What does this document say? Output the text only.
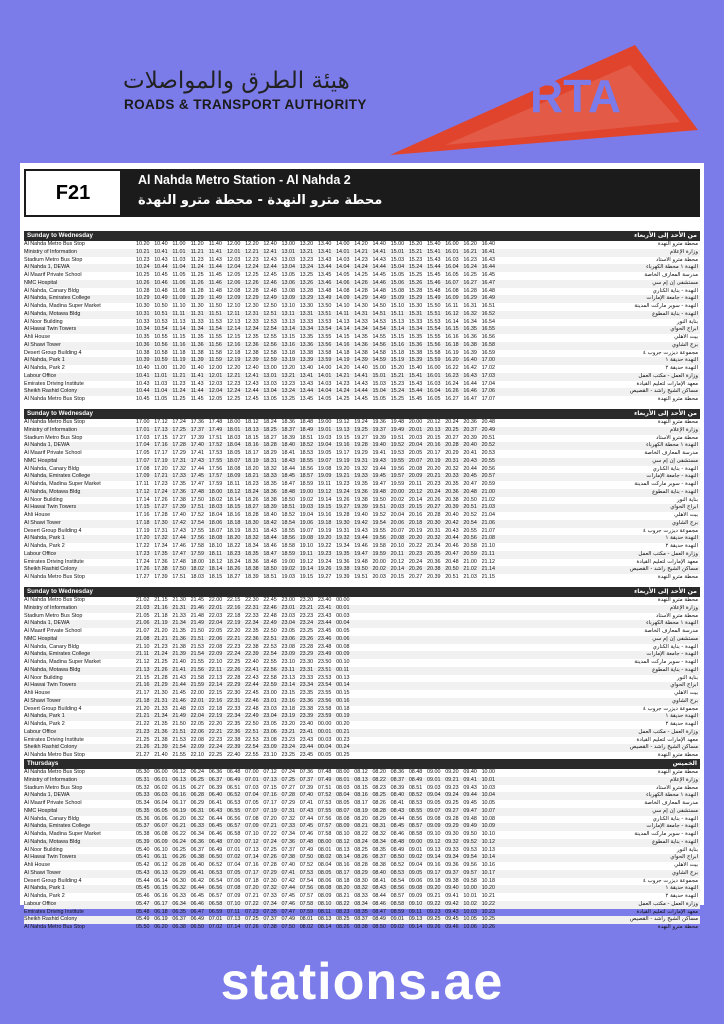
هيئة الطرق والمواصلات
ROADS & TRANSPORT AUTHORITY	RTA
F21
Al Nahda Metro Station - Al Nahda 2
محطة مترو النهدة - محطة مترو النهدة
Sunday to Wednesday	من الأحد إلى الأربعاء
Al Nahda Metro Bus Stop	10.20 10.40 11.00 11.20 11.40 12.00 12.20 12.40 13.00 13.20 13.40 14.00 14.20 14.40 15.00 15.20 15.40 16.00 16.20 16.40	محطة مترو النهدة
Ministry of Information	10.21 10.41 11.01 11.21 11.41 12.01 12.21 12.41 13.01 13.21 13.41 14.01 14.21 14.41 15.01 15.21 15.41 16.01 16.21 16.41	وزارة الإعلام
Stadium Metro Bus Stop	10.23 10.43 11.03 11.23 11.43 12.03 12.23 12.43 13.03 13.23 13.43 14.03 14.23 14.43 15.03 15.23 15.43 16.03 16.23 16.43	محطة مترو الاستاد
Al Nahda 1, DEWA	10.24 10.44 11.04 11.24 11.44 12.04 12.24 12.44 13.04 13.24 13.44 14.04 14.24 14.44 15.04 15.24 15.44 16.04 16.24 16.44	النهدة ١ محطة الكهرباء
Al Maarif Private School	10.25 10.45 11.05 11.25 11.45 12.05 12.25 12.45 13.05 13.25 13.45 14.05 14.25 14.45 15.05 15.25 15.45 16.05 16.25 16.45	مدرسة المعارف الخاصة
NMC Hospital	10.26 10.46 11.06 11.26 11.46 12.06 12.26 12.46 13.06 13.26 13.46 14.06 14.26 14.46 15.06 15.26 15.46 16.07 16.27 16.47	مستشفى إن إم سي
Al Nahda, Canary Bldg	10.28 10.48 11.08 11.28 11.48 12.08 12.28 12.48 13.08 13.28 13.48 14.08 14.28 14.48 15.08 15.28 15.48 16.08 16.28 16.48	النهدة - بناية الكناري
Al Nahda, Emirates College	10.29 10.49 11.09 11.29 11.49 12.09 12.29 12.49 13.09 13.29 13.49 14.09 14.29 14.49 15.09 15.29 15.49 16.09 16.29 16.49	النهدة - جامعة الإمارات
Al Nahda, Madina Super Market	10.30 10.50 11.10 11.30 11.50 12.10 12.30 12.50 13.10 13.30 13.50 14.10 14.30 14.50 15.10 15.30 15.50 16.11 16.31 16.51	النهدة - سوبر ماركت المدينة
Al Nahda, Motawa Bldg	10.31 10.51 11.11	11.31 11.51 12.11 12.31 12.51 13.11 13.31 13.51 14.11 14.31 14.51 15.11 15.31 15.51 16.12 16.32 16.52	النهدة - بناية المطوع
Al Noor Building	10.33 10.53 11.13 11.33 11.53 12.13 12.33 12.53 13.13 13.33 13.53 14.13 14.33 14.53 15.13 15.33 15.53 16.14 16.34 16.54	بناية النور
Al Hawai Twin Towers	10.34 10.54 11.14 11.34 11.54 12.14 12.34 12.54 13.14 13.34 13.54 14.14 14.34 14.54 15.14 15.34 15.54 16.15 16.35 16.55	أبراج الحواي
Ahli House	10.35 10.55 11.15 11.35 11.55 12.15 12.35 12.55 13.15 13.35 13.55 14.15 14.35 14.55 15.15 15.35 15.55 16.16 16.36 16.56	بيت الأهلي
Al Shawi Tower	10.36 10.56 11.16 11.36 11.56 12.16 12.36 12.56 13.16 13.36 13.56 14.16 14.36 14.56 15.16 15.36 15.56 16.18 16.38 16.58	برج الشاوي
Desert Group Building 4	10.38 10.58 11.18 11.38 11.58 12.18 12.38 12.58 13.18 13.38 13.58 14.18 14.38 14.58 15.18 15.38 15.58 16.19 16.39 16.59	مجموعة ديزرت جروب ٤
Al Nahda, Park 1	10.39 10.59 11.19 11.39 11.59 12.19 12.39 12.59 13.19 13.39 13.59 14.19 14.39 14.59 15.19 15.39 15.59 16.20 16.40 17.00	النهدة حديقة ١
Al Nahda, Park 2	10.40 11.00 11.20 11.40 12.00 12.20 12.40 13.00 13.20 13.40 14.00 14.20 14.40 15.00 15.20 15.40 16.00 16.22 16.42 17.02	النهدة حديقة ٢
Labour Office	10.41 11.01 11.21 11.41 12.01 12.21 12.41 13.01 13.21 13.41 14.01 14.21 14.41 15.01 15.21 15.41 16.01 16.23 16.43 17.03	وزارة العمل - مكتب العمل
Emirates Driving Institute	10.43 11.03 11.23 11.43 12.03 12.23 12.43 13.03 13.23 13.43 14.03 14.23 14.43 15.03 15.23 15.43 16.03 16.24 16.44 17.04	معهد الإمارات لتعليم القيادة
Sheikh Rashid Colony	10.44 11.04 11.24 11.44 12.04 12.24 12.44 13.04 13.24 13.44 14.04 14.24 14.44 15.04 15.24 15.44 16.04 16.26 16.46 17.06	مساكن الشيخ راشد - القصيص
Al Nahda Metro Bus Stop	10.45 11.05 11.25 11.45 12.05 12.25 12.45 13.05 13.25 13.45 14.05 14.25 14.45 15.05 15.25 15.45 16.05 16.27 16.47 17.07	محطة مترو النهدة
Sunday to Wednesday	من الأحد إلى الأربعاء
Al Nahda Metro Bus Stop	17.00 17.12 17.24 17.36 17.48 18.00 18.12 18.24 18.36 18.48 19.00 19.12 19.24 19.36 19.48 20.00 20.12 20.24 20.36 20.48	محطة مترو النهدة
Ministry of Information	17.01 17.13 17.25 17.37 17.49 18.01 18.13 18.25 18.37 18.49 19.01 19.13 19.25 19.37 19.49 20.01 20.13 20.25 20.37 20.49	وزارة الإعلام
Stadium Metro Bus Stop	17.03 17.15 17.27 17.39 17.51 18.03 18.15 18.27 18.39 18.51 19.03 19.15 19.27 19.39 19.51 20.03 20.15 20.27 20.39 20.51	محطة مترو الاستاد
Al Nahda 1, DEWA	17.04 17.16 17.28 17.40 17.52 18.04 18.16 18.28 18.40 18.52 19.04 19.16 19.28 19.40 19.52 20.04 20.16 20.28 20.40 20.52	النهدة ١ محطة الكهرباء
Al Maarif Private School	17.05 17.17 17.29 17.41 17.53 18.05 18.17 18.29 18.41 18.53 19.05 19.17 19.29 19.41 19.53 20.05 20.17 20.29 20.41 20.53	مدرسة المعارف الخاصة
NMC Hospital	17.07 17.19 17.31 17.43 17.55 18.07 18.19 18.31 18.43 18.55 19.07 19.19 19.31 19.43 19.55 20.07 20.19 20.31 20.43 20.55	مستشفى إن إم سي
Al Nahda, Canary Bldg	17.08 17.20 17.32 17.44 17.56 18.08 18.20 18.32 18.44 18.56 19.08 19.20 19.32 19.44 19.56 20.08 20.20 20.32 20.44 20.56	النهدة - بناية الكناري
Al Nahda, Emirates College	17.09 17.21 17.33 17.45 17.57 18.09 18.21 18.33 18.45 18.57 19.09 19.21 19.33 19.45 19.57 20.09 20.21 20.33 20.45 20.57	النهدة - جامعة الإمارات
Al Nahda, Madina Super Market	17.11 17.23 17.35 17.47 17.59 18.11 18.23 18.35 18.47 18.59 19.11 19.23 19.35 19.47 19.59 20.11 20.23 20.35 20.47 20.59	النهدة - سوبر ماركت المدينة
Al Nahda, Motawa Bldg	17.12 17.24 17.36 17.48 18.00 18.12 18.24 18.36 18.48 19.00 19.12 19.24 19.36 19.48 20.00 20.12 20.24 20.36 20.48 21.00	النهدة - بناية المطوع
Al Noor Building	17.14 17.26 17.38 17.50 18.02 18.14 18.26 18.38 18.50 19.02 19.14 19.26 19.38 19.50 20.02 20.14 20.26 20.38 20.50 21.02	بناية النور
Al Hawai Twin Towers	17.15 17.27 17.39 17.51 18.03 18.15 18.27 18.39 18.51 19.03 19.15 19.27 19.39 19.51 20.03 20.15 20.27 20.39 20.51 21.03	أبراج الحواي
Ahli House	17.16 17.28 17.40 17.52 18.04 18.16 18.28 18.40 18.52 19.04 19.16 19.28 19.40 19.52 20.04 20.16 20.28 20.40 20.52 21.04	بيت الأهلي
Al Shawi Tower	17.18 17.30 17.42 17.54 18.06 18.18 18.30 18.42 18.54 19.06 19.18 19.30 19.42 19.54 20.06 20.18 20.30 20.42 20.54 21.06	برج الشاوي
Desert Group Building 4	17.19 17.31 17.43 17.55 18.07 18.19 18.31 18.43 18.55 19.07 19.19 19.31 19.43 19.55 20.07 20.19 20.31 20.43 20.55 21.07	مجموعة ديزرت جروب ٤
Al Nahda, Park 1	17.20 17.32 17.44 17.56 18.08 18.20 18.32 18.44 18.56 19.08 19.20 19.32 19.44 19.56 20.08 20.20 20.32 20.44 20.56 21.08	النهدة حديقة ١
Al Nahda, Park 2	17.22 17.34 17.46 17.58 18.10 18.22 18.34 18.46 18.58 19.10 19.22 19.34 19.46 19.58 20.10 20.22 20.34 20.46 20.58 21.10	النهدة حديقة ٢
Labour Office	17.23 17.35 17.47 17.59 18.11 18.23 18.35 18.47 18.59 19.11 19.23 19.35 19.47 19.59 20.11 20.23 20.35 20.47 20.59 21.11	وزارة العمل - مكتب العمل
Emirates Driving Institute	17.24 17.36 17.48 18.00 18.12 18.24 18.36 18.48 19.00 19.12 19.24 19.36 19.48 20.00 20.12 20.24 20.36 20.48 21.00 21.12	معهد الإمارات لتعليم القيادة
Sheikh Rashid Colony	17.26 17.38 17.50 18.02 18.14 18.26 18.38 18.50 19.02 19.14 19.26 19.38 19.50 20.02 20.14 20.26 20.38 20.50 21.02 21.14	مساكن الشيخ راشد - القصيص
Al Nahda Metro Bus Stop	17.27 17.39 17.51 18.03 18.15 18.27 18.39 18.51 19.03 19.15 19.27 19.39 19.51 20.03 20.15 20.27 20.39 20.51 21.03 21.15	محطة مترو النهدة
Sunday to Wednesday	من الأحد إلى الأربعاء
Al Nahda Metro Bus Stop	21.02 21.15 21.30 21.45 22.00 22.15 22.30 22.45 23.00 23.20 23.40 00.00	محطة مترو النهدة
Ministry of Information	21.03 21.16 21.31 21.46 22.01 22.16 22.31 22.46 23.01 23.21 23.41 00.01	وزارة الإعلام
Stadium Metro Bus Stop	21.05 21.18 21.33 21.48 22.03 22.18 22.33 22.48 23.03 23.23 23.43 00.03	محطة مترو الاستاد
Al Nahda 1, DEWA	21.06 21.19 21.34 21.49 22.04 22.19 22.34 22.49 23.04 23.24 23.44 00.04	النهدة ١ محطة الكهرباء
Al Maarif Private School	21.07 21.20 21.35 21.50 22.05 22.20 22.35 22.50 23.05 23.25 23.45 00.05	مدرسة المعارف الخاصة
NMC Hospital	21.08 21.21 21.36 21.51 22.06 22.21 22.36 22.51 23.06 23.26 23.46 00.06	مستشفى إن إم سي
Al Nahda, Canary Bldg	21.10 21.23 21.38 21.53 22.08 22.23 22.38 22.53 23.08 23.28 23.48 00.08	النهدة - بناية الكناري
Al Nahda, Emirates College	21.11 21.24 21.39 21.54 22.09 22.24 22.39 22.54 23.09 23.29 23.49 00.09	النهدة - جامعة الإمارات
Al Nahda, Madina Super Market	21.12 21.25 21.40 21.55 22.10 22.25 22.40 22.55 23.10 23.30 23.50 00.10	النهدة - سوبر ماركت المدينة
Al Nahda, Motawa Bldg	21.13 21.26 21.41 21.56 22.11 22.26 22.41 22.56 23.11 23.31 23.51 00.11	النهدة - بناية المطوع
Al Noor Building	21.15 21.28 21.43 21.58 22.13 22.28 22.43 22.58 23.13 23.33 23.53 00.13	بناية النور
Al Hawai Twin Towers	21.16 21.29 21.44 21.59 22.14 22.29 22.44 22.59 23.14 23.34 23.54 00.14	أبراج الحواي
Ahli House	21.17 21.30 21.45 22.00 22.15 22.30 22.45 23.00 23.15 23.35 23.55 00.15	بيت الأهلي
Al Shawi Tower	21.18 21.31 21.46 22.01 22.16 22.31 22.46 23.01 23.16 23.36 23.56 00.16	برج الشاوي
Desert Group Building 4	21.20 21.33 21.48 22.03 22.18 22.33 22.48 23.03 23.18 23.38 23.58 00.18	مجموعة ديزرت جروب ٤
Al Nahda, Park 1	21.21 21.34 21.49 22.04 22.19 22.34 22.49 23.04 23.19 23.39 23.59 00.19	النهدة حديقة ١
Al Nahda, Park 2	21.22 21.35 21.50 22.05 22.20 22.35 22.50 23.05 23.20 23.40 00.00 00.20	النهدة حديقة ٢
Labour Office	21.23 21.36 21.51 22.06 22.21 22.36 22.51 23.06 23.21 23.41 00.01 00.21	وزارة العمل - مكتب العمل
Emirates Driving Institute	21.25 21.38 21.53 22.08 22.23 22.38 22.53 23.08 23.23 23.43 00.03 00.23	معهد الإمارات لتعليم القيادة
Sheikh Rashid Colony	21.26 21.39 21.54 22.09 22.24 22.39 22.54 23.09 23.24 23.44 00.04 00.24	مساكن الشيخ راشد - القصيص
Al Nahda Metro Bus Stop	21.27 21.40 21.55 22.10 22.25 22.40 22.55 23.10 23.25 23.45 00.05 00.25	محطة مترو النهدة
Thursdays	الخميس
Al Nahda Metro Bus Stop	05.30 06.00 06.12 06.24 06.36 06.48 07.00 07.12 07.24 07.36 07.48 08.00 08.12 08.20 08.36 08.48 09.00 09.20 09.40 10.00	محطة مترو النهدة
Ministry of Information	05.31 06.01 06.13 06.25 06.37 06.49 07.01 07.13 07.25 07.37 07.49 08.01 08.13 08.22 08.37 08.49 09.01 09.21 09.41 10.01	وزارة الإعلام
Stadium Metro Bus Stop	05.32 06.02 06.15 06.27 06.39 06.51 07.03 07.15 07.27 07.39 07.51 08.03 08.15 08.23 08.39 08.51 09.03 09.23 09.43 10.03	محطة مترو الاستاد
Al Nahda 1, DEWA	05.33 06.03 06.16 06.28 06.40 06.52 07.04 07.16 07.28 07.40 07.52 08.04 08.16 08.25 08.40 08.52 09.04 09.24 09.44 10.04	النهدة ١ محطة الكهرباء
Al Maarif Private School	05.34 06.04 06.17 06.29 06.41 06.53 07.05 07.17 07.29 07.41 07.53 08.05 08.17 08.26 08.41 08.53 09.05 09.25 09.45 10.05	مدرسة المعارف الخاصة
NMC Hospital	05.35 06.05 06.19 06.31 06.43 06.55 07.07 07.19 07.31 07.43 07.55 08.07 08.19 08.28 08.43 08.55 09.07 09.27 09.47 10.07	مستشفى إن إم سي
Al Nahda, Canary Bldg	05.36 06.06 06.20 06.32 06.44 06.56 07.08 07.20 07.32 07.44 07.56 08.08 08.20 08.29 08.44 08.56 09.08 09.28 09.48 10.08	النهدة - بناية الكناري
Al Nahda, Emirates College	05.37 06.07 06.21 06.33 06.45 06.57 07.09 07.21 07.33 07.45 07.57 08.09 08.21 08.31 08.45 08.57 09.09 09.29 09.49 10.09	النهدة - جامعة الإمارات
Al Nahda, Madina Super Market	05.38 06.08 06.22 06.34 06.46 06.58 07.10 07.22 07.34 07.46 07.58 08.10 08.22 08.32 08.46 08.58 09.10 09.30 09.50 10.10	النهدة - سوبر ماركت المدينة
Al Nahda, Motawa Bldg	05.39 06.09 06.24 06.36 06.48 07.00 07.12 07.24 07.36 07.48 08.00 08.12 08.24 08.34 08.48 09.00 09.12 09.32 09.52 10.12	النهدة - بناية المطوع
Al Noor Building	05.40 06.10 06.25 06.37 06.49 07.01 07.13 07.25 07.37 07.49 08.01 08.13 08.25 08.35 08.49 09.01 09.13 09.33 09.53 10.13	بناية النور
Al Hawai Twin Towers	05.41 06.11 06.26 06.38 06.50 07.02 07.14 07.26 07.38 07.50 08.02 08.14 08.26 08.37 08.50 09.02 09.14 09.34 09.54 10.14	أبراج الحواي
Ahli House	05.42 06.12 06.28 06.40 06.52 07.04 07.16 07.28 07.40 07.52 08.04 08.16 08.28 08.38 08.52 09.04 09.16 09.36 09.56 10.16	بيت الأهلي
Al Shawi Tower	05.43 06.13 06.29 06.41 06.53 07.05 07.17 07.29 07.41 07.53 08.05 08.17 08.29 08.40 08.53 09.05 09.17 09.37 09.57 10.17	برج الشاوي
Desert Group Building 4	05.44 06.14 06.30 06.42 06.54 07.06 07.18 07.30 07.42 07.54 08.06 08.18 08.30 08.41 08.54 09.06 09.18 09.38 09.58 10.18	مجموعة ديزرت جروب ٤
Al Nahda, Park 1	05.45 06.15 06.32 06.44 06.56 07.08 07.20 07.32 07.44 07.56 08.08 08.20 08.32 08.43 08.56 09.08 09.20 09.40 10.00 10.20	النهدة حديقة ١
Al Nahda, Park 2	05.46 06.16 06.33 06.45 06.57 07.09 07.21 07.33 07.45 07.57 08.09 08.21 08.33 08.44 08.57 09.09 09.21 09.41 10.01 10.21	النهدة حديقة ٢
Labour Office	05.47 06.17 06.34 06.46 06.58 07.10 07.22 07.34 07.46 07.58 08.10 08.22 08.34 08.46 08.58 09.10 09.22 09.42 10.02 10.22	وزارة العمل - مكتب العمل
Emirates Driving Institute	05.48 06.18 06.35 06.47 06.59 07.11 07.23 07.35 07.47 07.59 08.11 08.23 08.35 08.47 08.59 09.11 09.23 09.43 10.03 10.23	معهد الإمارات لتعليم القيادة
Sheikh Rashid Colony	05.49 06.19 06.37 06.49 07.01 07.13 07.25 07.37 07.49 08.01 08.13 08.25 08.37 08.49 09.01 09.13 09.25 09.45 10.05 10.25	مساكن الشيخ راشد - القصيص
Al Nahda Metro Bus Stop	05.50 06.20 06.38 06.50 07.02 07.14 07.26 07.38 07.50 08.02 08.14 08.26 08.38 08.50 09.02 09.14 09.26 09.46 10.06 10.26	محطة مترو النهدة
stations.ae
